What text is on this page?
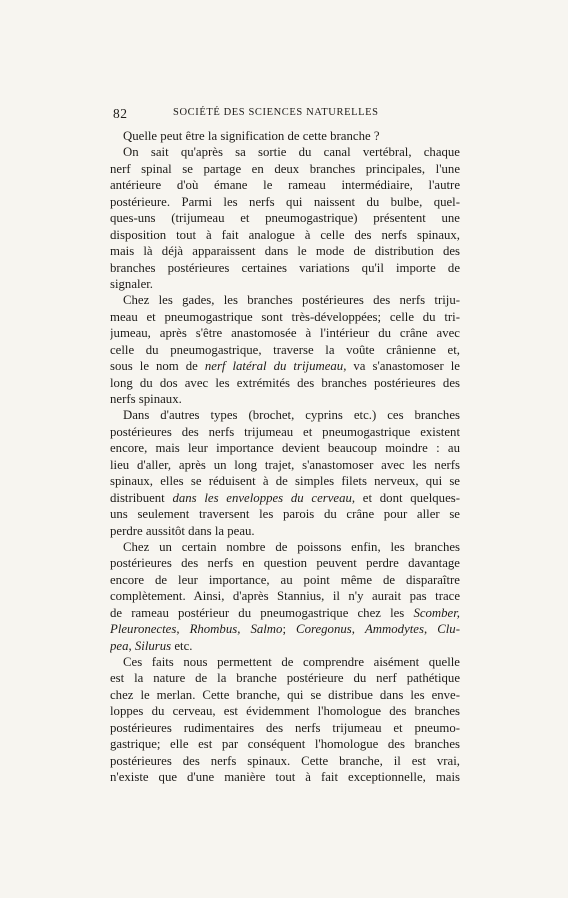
82	SOCIÉTÉ DES SCIENCES NATURELLES
Quelle peut être la signification de cette branche ?
On sait qu'après sa sortie du canal vertébral, chaque
nerf spinal se partage en deux branches principales, l'une
antérieure d'où émane le rameau intermédiaire, l'autre
postérieure. Parmi les nerfs qui naissent du bulbe, quel-
ques-uns (trijumeau et pneumogastrique) présentent une
disposition tout à fait analogue à celle des nerfs spinaux,
mais là déjà apparaissent dans le mode de distribution des
branches postérieures certaines variations qu'il importe de
signaler.
Chez les gades, les branches postérieures des nerfs triju-
meau et pneumogastrique sont très-développées; celle du tri-
jumeau, après s'être anastomosée à l'intérieur du crâne avec
celle du pneumogastrique, traverse la voûte crânienne et,
sous le nom de nerf latéral du trijumeau, va s'anastomoser le
long du dos avec les extrémités des branches postérieures des
nerfs spinaux.
Dans d'autres types (brochet, cyprins etc.) ces branches
postérieures des nerfs trijumeau et pneumogastrique existent
encore, mais leur importance devient beaucoup moindre : au
lieu d'aller, après un long trajet, s'anastomoser avec les nerfs
spinaux, elles se réduisent à de simples filets nerveux, qui se
distribuent dans les enveloppes du cerveau, et dont quelques-
uns seulement traversent les parois du crâne pour aller se
perdre aussitôt dans la peau.
Chez un certain nombre de poissons enfin, les branches
postérieures des nerfs en question peuvent perdre davantage
encore de leur importance, au point même de disparaître
complètement. Ainsi, d'après Stannius, il n'y aurait pas trace
de rameau postérieur du pneumogastrique chez les Scomber,
Pleuronectes, Rhombus, Salmo; Coregonus, Ammodytes, Clu-
pea, Silurus etc.
Ces faits nous permettent de comprendre aisément quelle
est la nature de la branche postérieure du nerf pathétique
chez le merlan. Cette branche, qui se distribue dans les enve-
loppes du cerveau, est évidemment l'homologue des branches
postérieures rudimentaires des nerfs trijumeau et pneumo-
gastrique; elle est par conséquent l'homologue des branches
postérieures des nerfs spinaux. Cette branche, il est vrai,
n'existe que d'une manière tout à fait exceptionnelle, mais
